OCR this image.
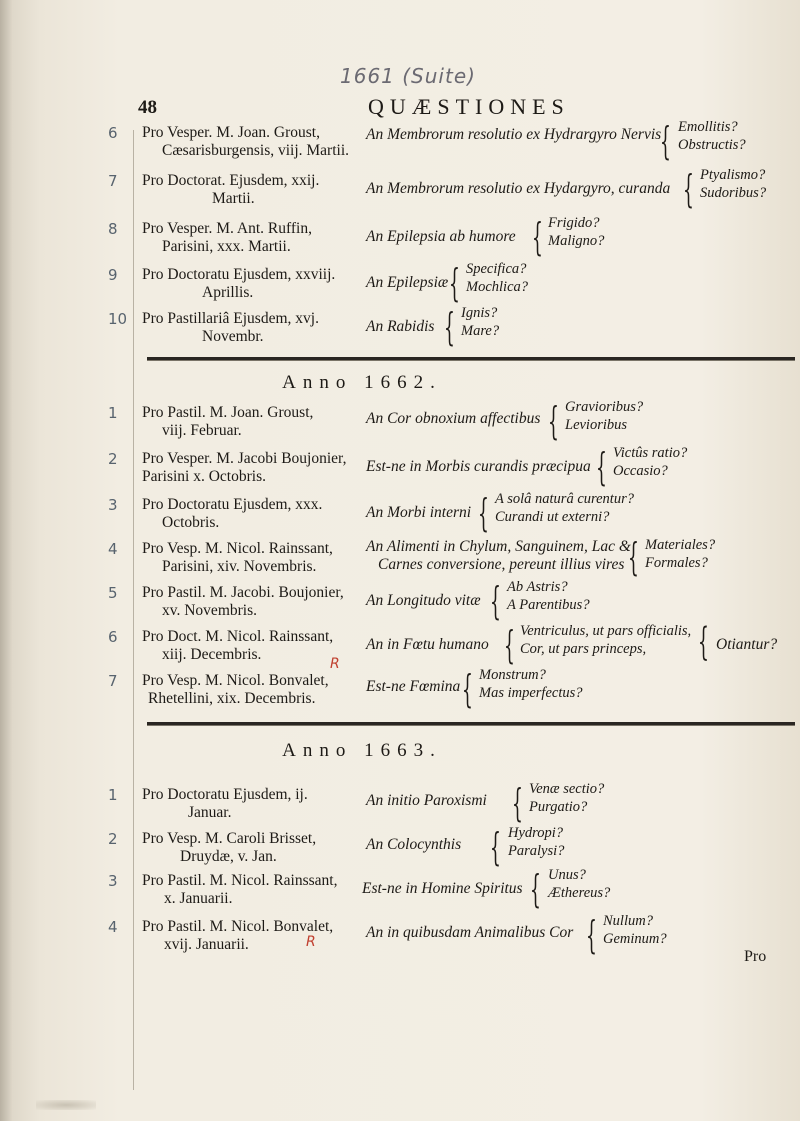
1661 (Suite)
48	QUÆSTIONES
6 Pro Vesper. M. Joan. Groust,
Cæsarisburgensis, viij. Martii.
An Membrorum resolutio ex Hydrargyro Nervis
{ Emollitis?
Obstructis?
7 Pro Doctorat. Ejusdem, xxij.
Martii.
An Membrorum resolutio ex Hydargyro, curanda { Ptyalismo?
Sudoribus?
8 Pro Vesper. M. Ant. Ruffin,
Parisini, xxx. Martii.
An Epilepsia ab humore { Frigido?
Maligno?
9 Pro Doctoratu Ejusdem, xxviij.
Aprillis.
An Epilepsiæ { Specifica?
Mochlica?
10 Pro Pastillariâ Ejusdem, xvj.
Novembr.
An Rabidis { Ignis?
Mare?
Anno 1662.
1 Pro Pastil. M. Joan. Groust,
viij. Februar.
An Cor obnoxium affectibus { Gravioribus?
Levioribus
2 Pro Vesper. M. Jacobi Boujonier, Parisini x. Octobris.
Est-ne in Morbis curandis præcipua { Victûs ratio?
Occasio?
3 Pro Doctoratu Ejusdem, xxx.
Octobris.
An Morbi interni { A solâ naturâ curentur?
Curandi ut externi?
4 Pro Vesp. M. Nicol. Rainssant,
Parisini, xiv. Novembris.
An Alimenti in Chylum, Sanguinem, Lac &
Carnes conversione, pereunt illius vires { Materiales?
Formales?
5 Pro Pastil. M. Jacobi. Boujonier,
xv. Novembris.
An Longitudo vitæ { Ab Astris?
A Parentibus?
6 Pro Doct. M. Nicol. Rainssant,
xiij. Decembris.
An in Fœtu humano { Ventriculus, ut pars officialis,
Cor, ut pars princeps, { Otiantur?
7 Pro Vesp. M. Nicol. Bonvalet,
Rhetellini, xix. Decembris.
Est-ne Fœmina { Monstrum?
Mas imperfectus?
R
Anno 1663.
1 Pro Doctoratu Ejusdem, ij.
Januar.
An initio Paroxismi { Venæ sectio?
Purgatio?
2 Pro Vesp. M. Caroli Brisset,
Druydæ, v. Jan.
An Colocynthis { Hydropi?
Paralysi?
3 Pro Pastil. M. Nicol. Rainssant,
x. Januarii.
Est-ne in Homine Spiritus { Unus?
Æthereus?
4 Pro Pastil. M. Nicol. Bonvalet,
xvij. Januarii.
An in quibusdam Animalibus Cor { Nullum?
Geminum?
R
Pro
